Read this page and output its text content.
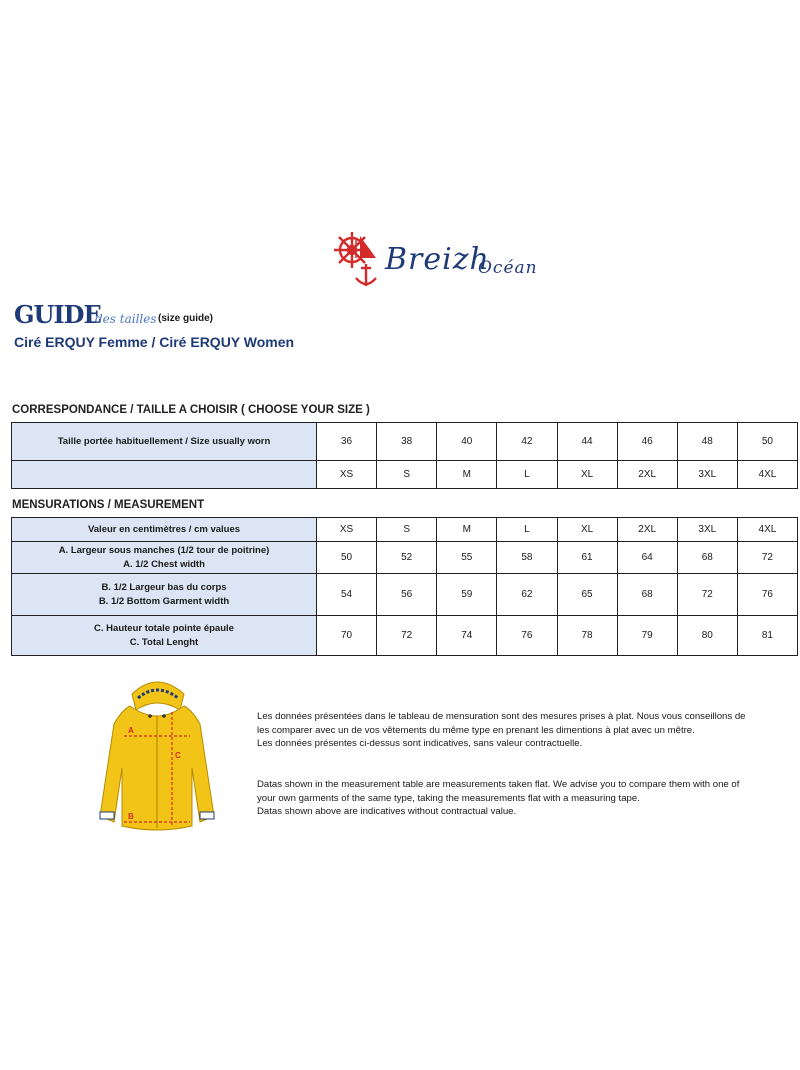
Breizh
Océan
GUIDE
des tailles (size guide)
Ciré ERQUY Femme / Ciré ERQUY Women
CORRESPONDANCE / TAILLE A CHOISIR ( CHOOSE YOUR SIZE )
Taille portée habituellement / Size usually worn	36	38	40	42	44	46	48	50
	XS	S	M	L	XL	2XL	3XL	4XL
MENSURATIONS / MEASUREMENT
Valeur en centimètres / cm values	XS	S	M	L	XL	2XL	3XL	4XL

A. Largeur sous manches (1/2 tour de poitrine)
A. 1/2 Chest width	50	52	55	58	61	64	68	72

B. 1/2 Largeur bas du corps
B. 1/2 Bottom Garment width	54	56	59	62	65	68	72	76

C. Hauteur totale pointe épaule
C. Total Lenght	70	72	74	76	78	79	80	81
A
B
C

Les données présentées dans le tableau de mensuration sont des mesures prises à plat. Nous vous conseillons de les comparer avec un de vos vêtements du même type en prenant les dimentions à plat avec un mêtre.

Les données présentes ci-dessus sont indicatives, sans valeur contractuelle.

Datas shown in the measurement table are measurements taken flat. We advise you to compare them with one of your own garments of the same type, taking the measurements flat with a measuring tape.

Datas shown above are indicatives without contractual value.
